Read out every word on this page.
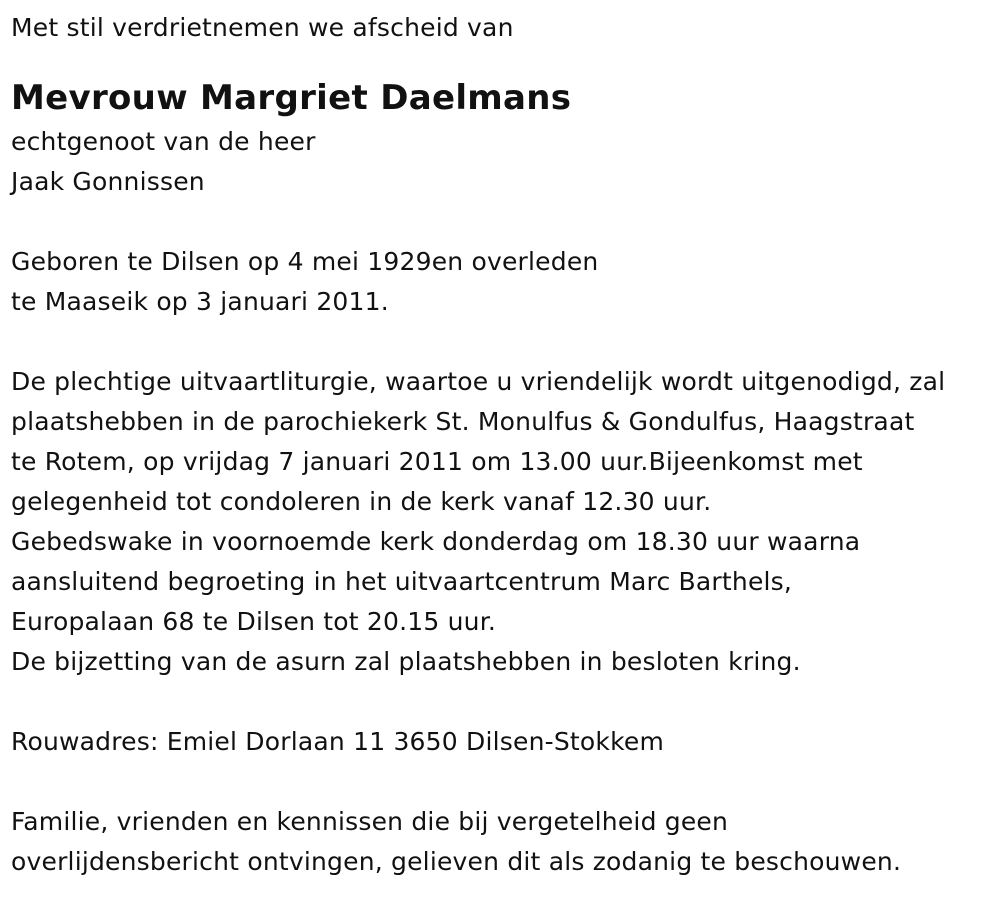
Met stil verdrietnemen we afscheid van
Mevrouw Margriet Daelmans
echtgenoot van de heer
Jaak Gonnissen
Geboren te Dilsen op 4 mei 1929en overleden
te Maaseik op 3 januari 2011.
De plechtige uitvaartliturgie, waartoe u vriendelijk wordt uitgenodigd, zal
plaatshebben in de parochiekerk St. Monulfus & Gondulfus, Haagstraat
te Rotem, op vrijdag 7 januari 2011 om 13.00 uur.Bijeenkomst met
gelegenheid tot condoleren in de kerk vanaf 12.30 uur.
Gebedswake in voornoemde kerk donderdag om 18.30 uur waarna
aansluitend begroeting in het uitvaartcentrum Marc Barthels,
Europalaan 68 te Dilsen tot 20.15 uur.
De bijzetting van de asurn zal plaatshebben in besloten kring.
Rouwadres: Emiel Dorlaan 11 3650 Dilsen-Stokkem
Familie, vrienden en kennissen die bij vergetelheid geen
overlijdensbericht ontvingen, gelieven dit als zodanig te beschouwen.
